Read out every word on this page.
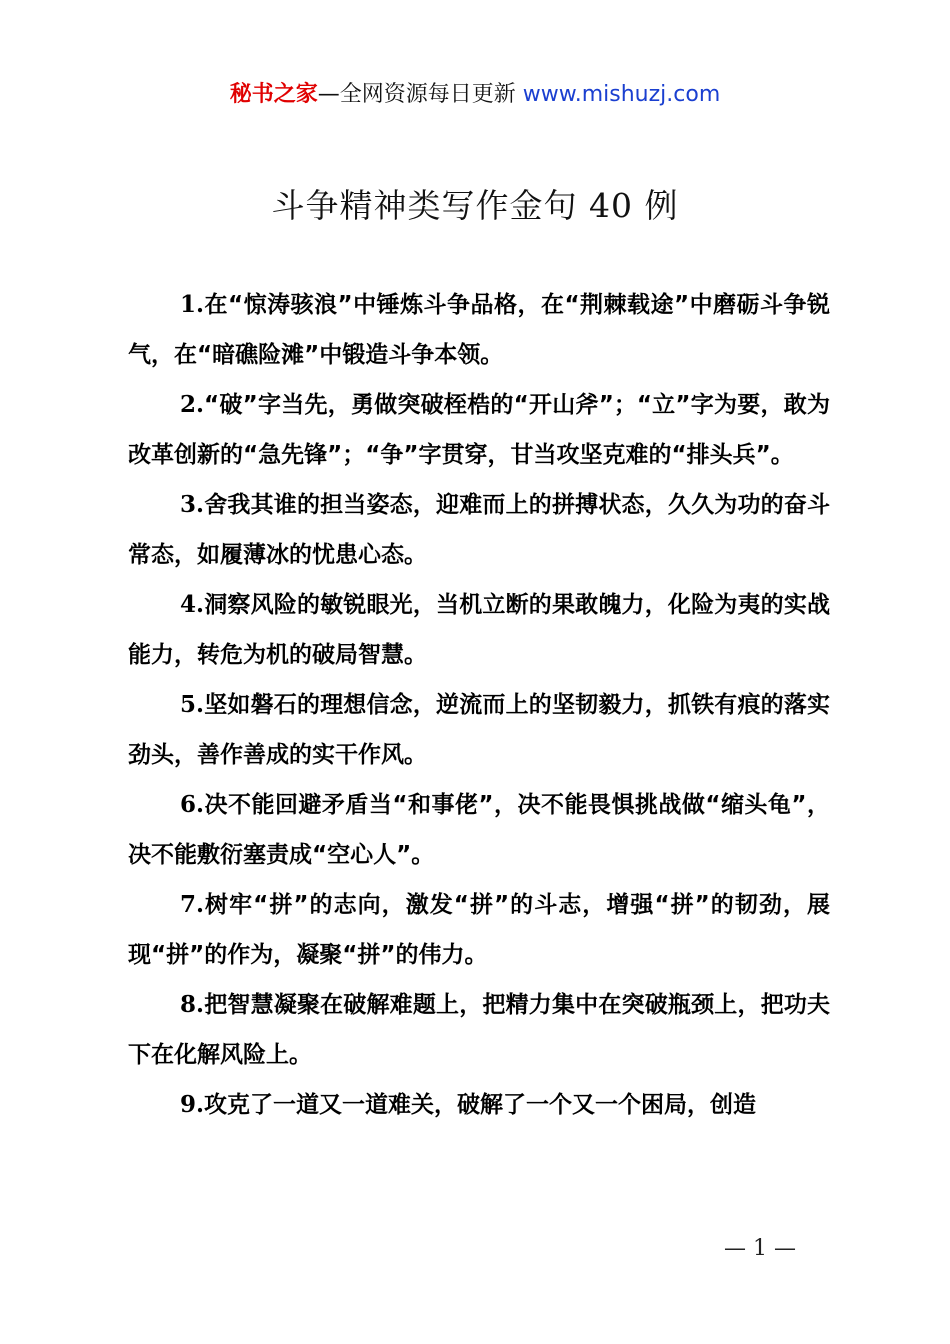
秘书之家—全网资源每日更新 www.mishuzj.com
斗争精神类写作金句 40 例

1.在“惊涛骇浪”中锤炼斗争品格，在“荆棘载途”中磨砺斗争锐气，在“暗礁险滩”中锻造斗争本领。

2.“破”字当先，勇做突破桎梏的“开山斧”；“立”字为要，敢为改革创新的“急先锋”；“争”字贯穿，甘当攻坚克难的“排头兵”。

3.舍我其谁的担当姿态，迎难而上的拼搏状态，久久为功的奋斗常态，如履薄冰的忧患心态。

4.洞察风险的敏锐眼光，当机立断的果敢魄力，化险为夷的实战能力，转危为机的破局智慧。

5.坚如磐石的理想信念，逆流而上的坚韧毅力，抓铁有痕的落实劲头，善作善成的实干作风。

6.决不能回避矛盾当“和事佬”，决不能畏惧挑战做“缩头龟”，决不能敷衍塞责成“空心人”。

7.树牢“拼”的志向，激发“拼”的斗志，增强“拼”的韧劲，展现“拼”的作为，凝聚“拼”的伟力。

8.把智慧凝聚在破解难题上，把精力集中在突破瓶颈上，把功夫下在化解风险上。

9.攻克了一道又一道难关，破解了一个又一个困局，创造

— 1 —
